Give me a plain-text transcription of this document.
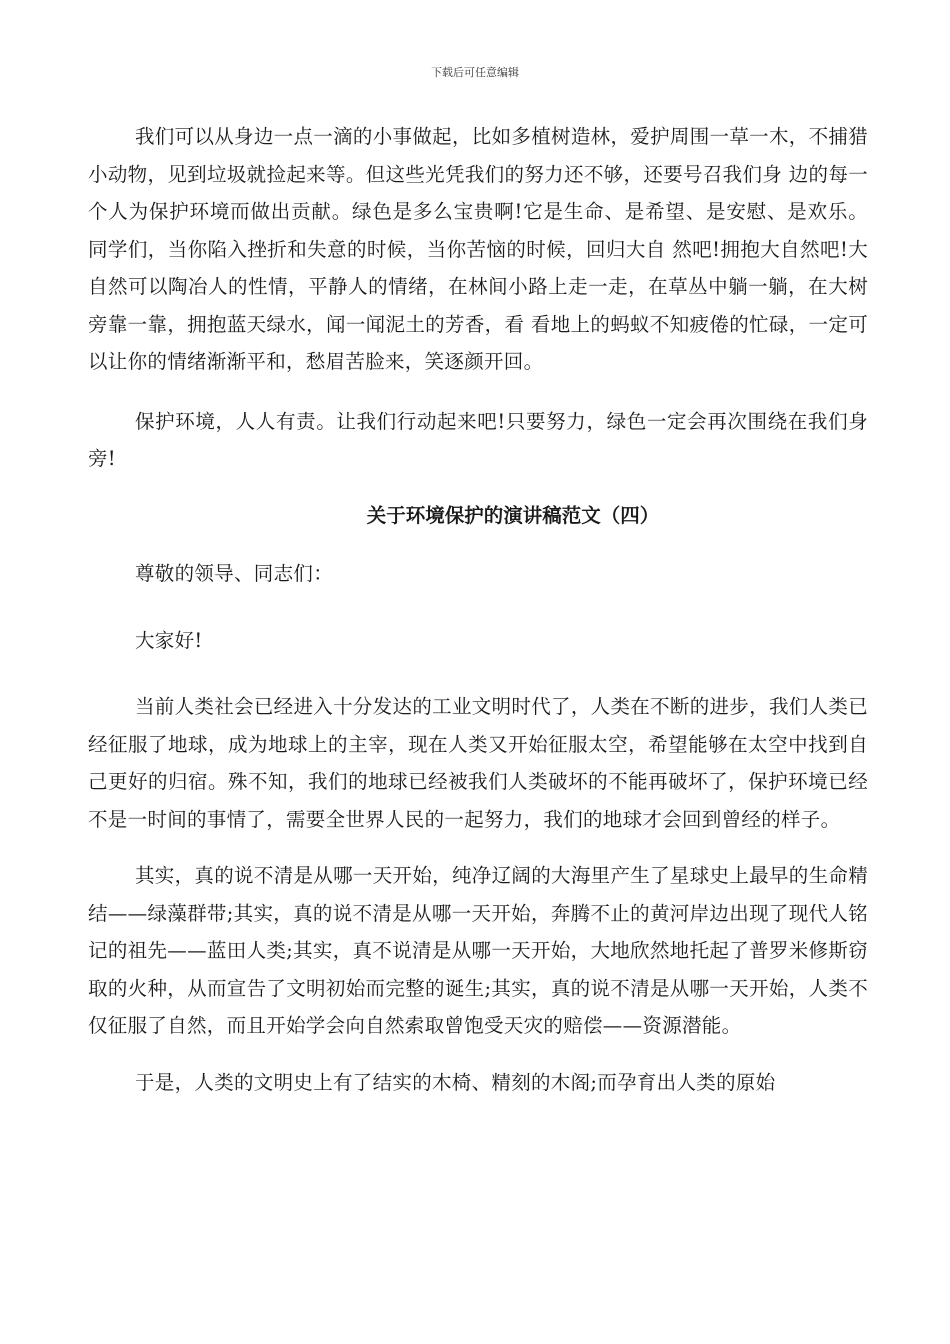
下载后可任意编辑

我们可以从身边一点一滴的小事做起，比如多植树造林，爱护周围一草一木，不捕猎小动物，见到垃圾就捡起来等。但这些光凭我们的努力还不够，还要号召我们身 边的每一个人为保护环境而做出贡献。绿色是多么宝贵啊!它是生命、是希望、是安慰、是欢乐。同学们，当你陷入挫折和失意的时候，当你苦恼的时候，回归大自 然吧!拥抱大自然吧!大自然可以陶冶人的性情，平静人的情绪，在林间小路上走一走，在草丛中躺一躺，在大树旁靠一靠，拥抱蓝天绿水，闻一闻泥土的芳香，看 看地上的蚂蚁不知疲倦的忙碌，一定可以让你的情绪渐渐平和，愁眉苦脸来，笑逐颜开回。

保护环境，人人有责。让我们行动起来吧!只要努力，绿色一定会再次围绕在我们身旁!

关于环境保护的演讲稿范文（四）

尊敬的领导、同志们：

大家好!

当前人类社会已经进入十分发达的工业文明时代了，人类在不断的进步，我们人类已经征服了地球，成为地球上的主宰，现在人类又开始征服太空，希望能够在太空中找到自己更好的归宿。殊不知，我们的地球已经被我们人类破坏的不能再破坏了，保护环境已经不是一时间的事情了，需要全世界人民的一起努力，我们的地球才会回到曾经的样子。

其实，真的说不清是从哪一天开始，纯净辽阔的大海里产生了星球史上最早的生命精结——绿藻群带;其实，真的说不清是从哪一天开始，奔腾不止的黄河岸边出现了现代人铭记的祖先——蓝田人类;其实，真不说清是从哪一天开始，大地欣然地托起了普罗米修斯窃取的火种，从而宣告了文明初始而完整的诞生;其实，真的说不清是从哪一天开始，人类不仅征服了自然，而且开始学会向自然索取曾饱受天灾的赔偿——资源潜能。

于是，人类的文明史上有了结实的木椅、精刻的木阁;而孕育出人类的原始
